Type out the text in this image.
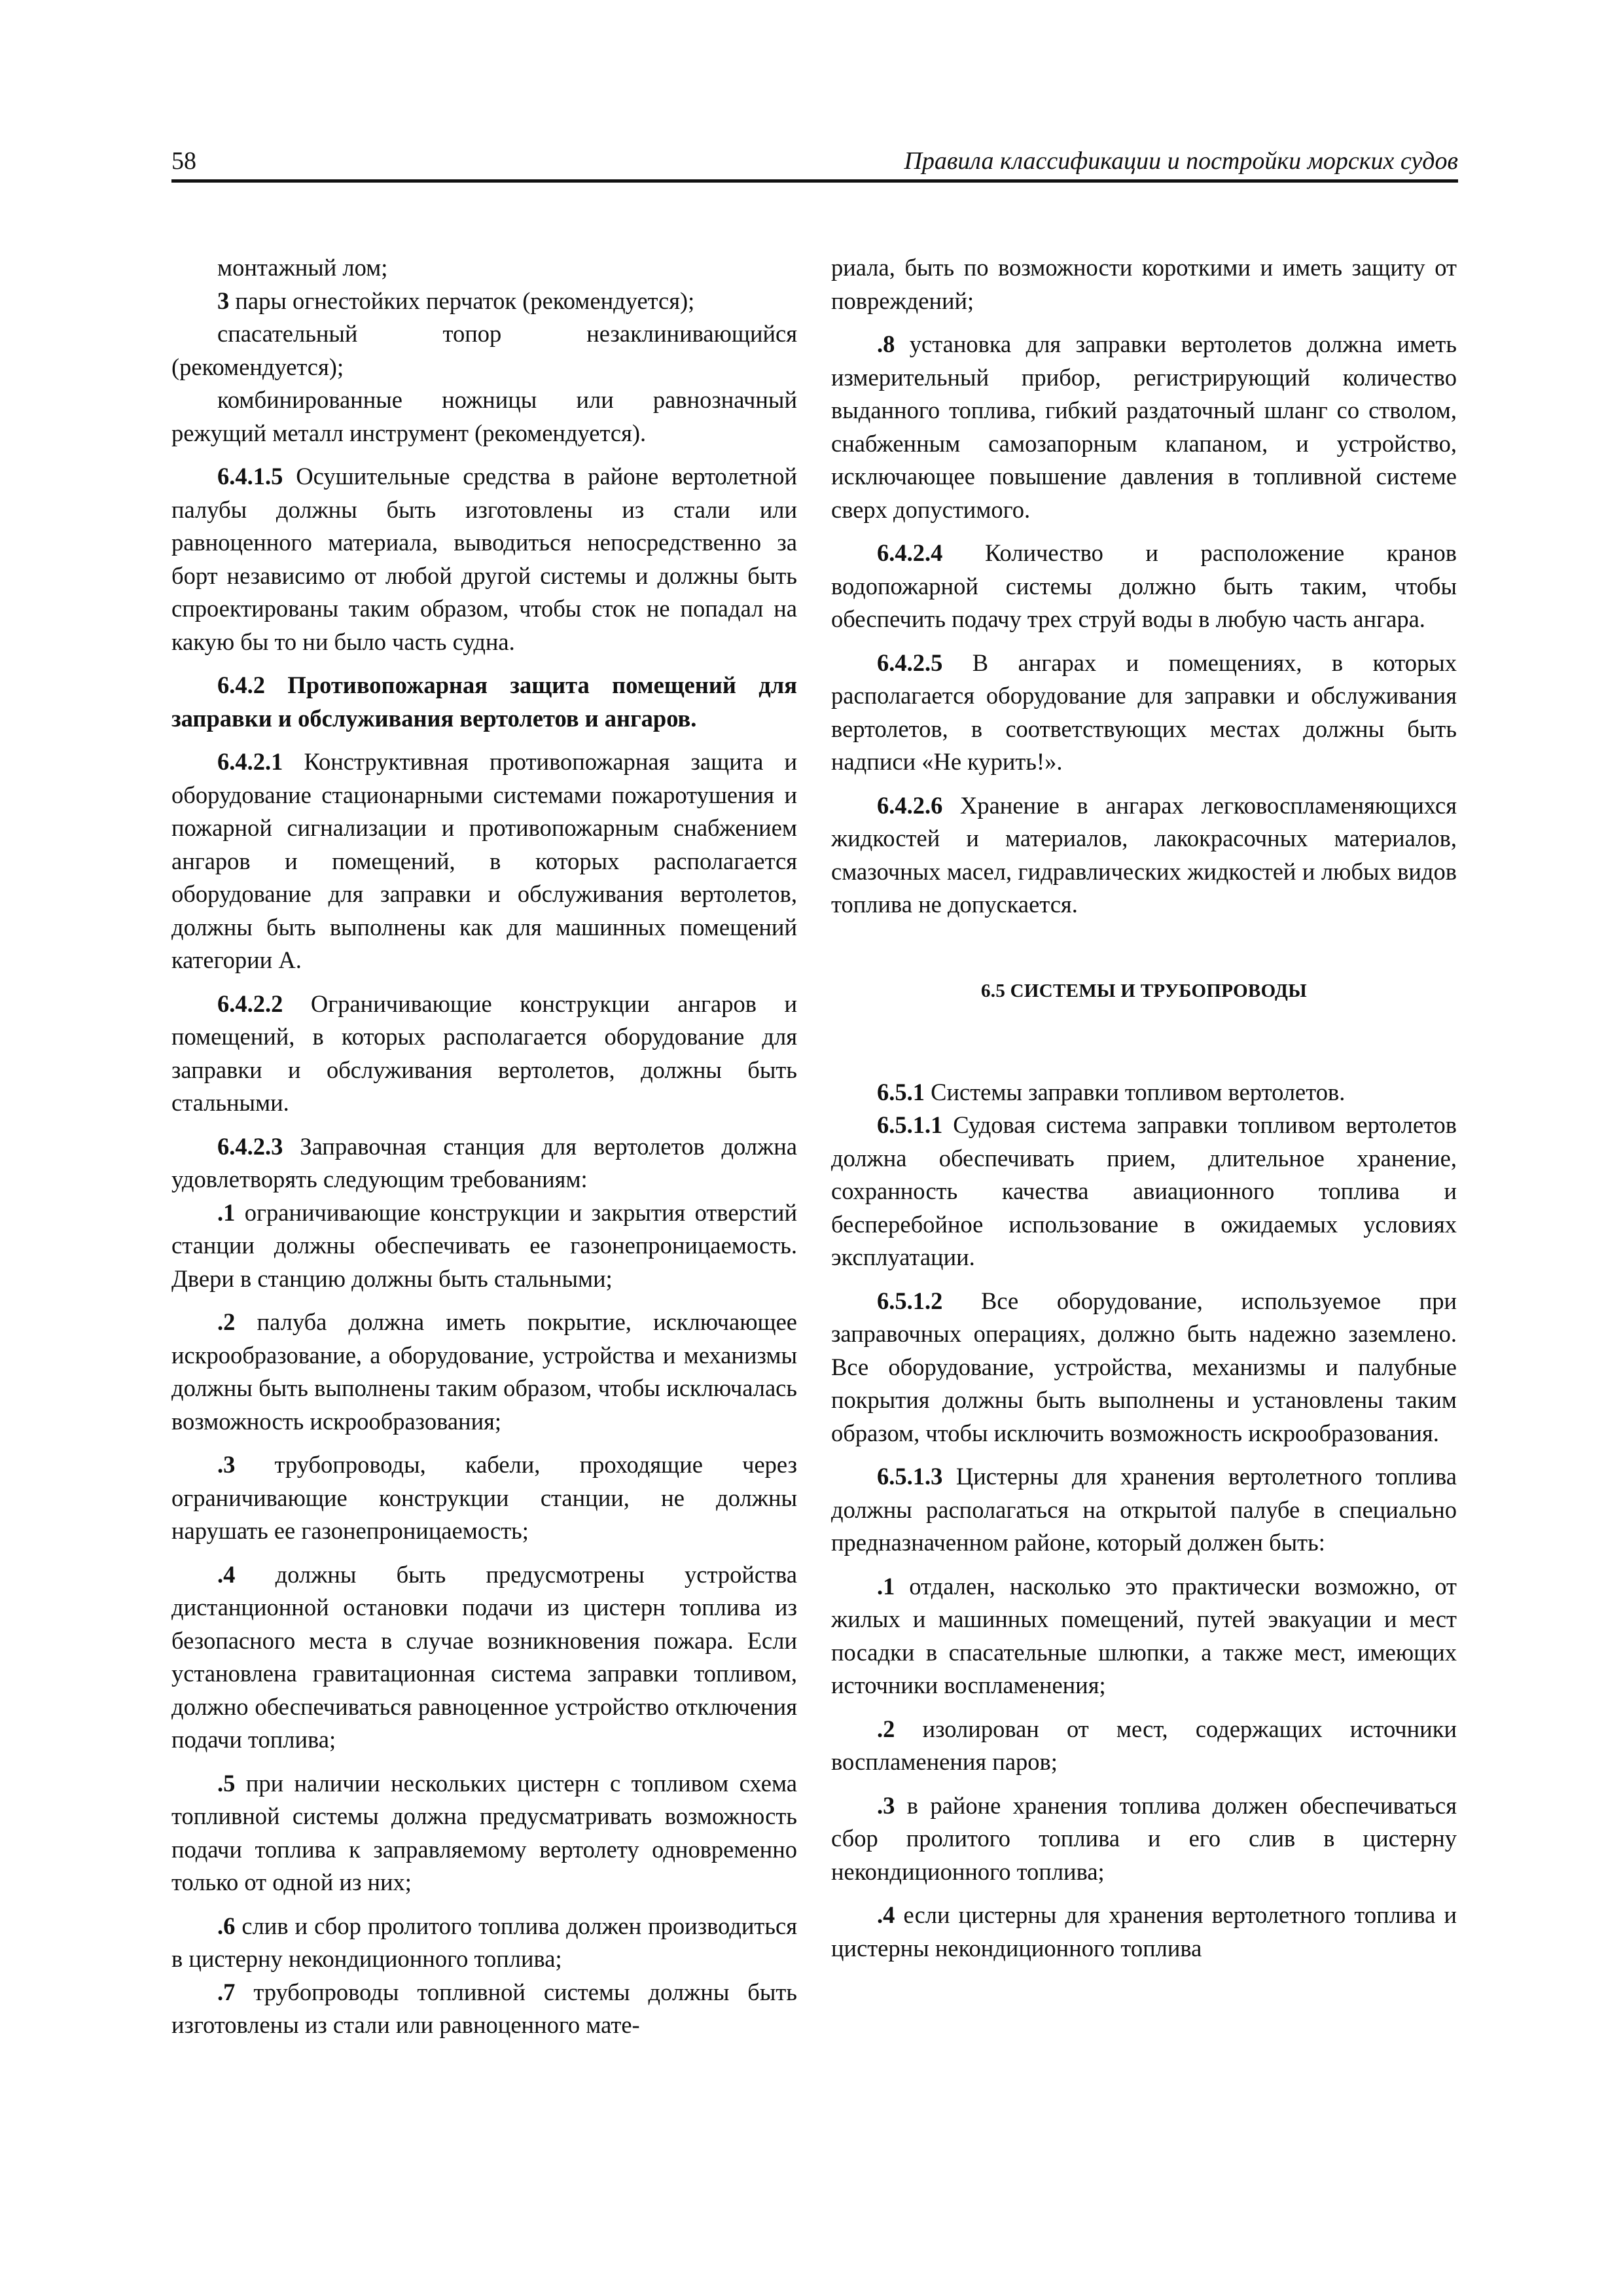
58	Правила классификации и постройки морских судов

монтажный лом;

3 пары огнестойких перчаток (рекомендуется);

спасательный топор незаклинивающийся (рекомендуется);

комбинированные ножницы или равнозначный режущий металл инструмент (рекомендуется).

6.4.1.5 Осушительные средства в районе вертолетной палубы должны быть изготовлены из стали или равноценного материала, выводиться непосредственно за борт независимо от любой другой системы и должны быть спроектированы таким образом, чтобы сток не попадал на какую бы то ни было часть судна.

6.4.2 Противопожарная защита помещений для заправки и обслуживания вертолетов и ангаров.

6.4.2.1 Конструктивная противопожарная защита и оборудование стационарными системами пожаротушения и пожарной сигнализации и противопожарным снабжением ангаров и помещений, в которых располагается оборудование для заправки и обслуживания вертолетов, должны быть выполнены как для машинных помещений категории А.

6.4.2.2 Ограничивающие конструкции ангаров и помещений, в которых располагается оборудование для заправки и обслуживания вертолетов, должны быть стальными.

6.4.2.3 Заправочная станция для вертолетов должна удовлетворять следующим требованиям:

.1 ограничивающие конструкции и закрытия отверстий станции должны обеспечивать ее газонепроницаемость. Двери в станцию должны быть стальными;

.2 палуба должна иметь покрытие, исключающее искрообразование, а оборудование, устройства и механизмы должны быть выполнены таким образом, чтобы исключалась возможность искрообразования;

.3 трубопроводы, кабели, проходящие через ограничивающие конструкции станции, не должны нарушать ее газонепроницаемость;

.4 должны быть предусмотрены устройства дистанционной остановки подачи из цистерн топлива из безопасного места в случае возникновения пожара. Если установлена гравитационная система заправки топливом, должно обеспечиваться равноценное устройство отключения подачи топлива;

.5 при наличии нескольких цистерн с топливом схема топливной системы должна предусматривать возможность подачи топлива к заправляемому вертолету одновременно только от одной из них;

.6 слив и сбор пролитого топлива должен производиться в цистерну некондиционного топлива;

.7 трубопроводы топливной системы должны быть изготовлены из стали или равноценного мате-

риала, быть по возможности короткими и иметь защиту от повреждений;

.8 установка для заправки вертолетов должна иметь измерительный прибор, регистрирующий количество выданного топлива, гибкий раздаточный шланг со стволом, снабженным самозапорным клапаном, и устройство, исключающее повышение давления в топливной системе сверх допустимого.

6.4.2.4 Количество и расположение кранов водопожарной системы должно быть таким, чтобы обеспечить подачу трех струй воды в любую часть ангара.

6.4.2.5 В ангарах и помещениях, в которых располагается оборудование для заправки и обслуживания вертолетов, в соответствующих местах должны быть надписи «Не курить!».

6.4.2.6 Хранение в ангарах легковоспламеняющихся жидкостей и материалов, лакокрасочных материалов, смазочных масел, гидравлических жидкостей и любых видов топлива не допускается.

6.5 СИСТЕМЫ И ТРУБОПРОВОДЫ

6.5.1 Системы заправки топливом вертолетов.

6.5.1.1 Судовая система заправки топливом вертолетов должна обеспечивать прием, длительное хранение, сохранность качества авиационного топлива и бесперебойное использование в ожидаемых условиях эксплуатации.

6.5.1.2 Все оборудование, используемое при заправочных операциях, должно быть надежно заземлено. Все оборудование, устройства, механизмы и палубные покрытия должны быть выполнены и установлены таким образом, чтобы исключить возможность искрообразования.

6.5.1.3 Цистерны для хранения вертолетного топлива должны располагаться на открытой палубе в специально предназначенном районе, который должен быть:

.1 отдален, насколько это практически возможно, от жилых и машинных помещений, путей эвакуации и мест посадки в спасательные шлюпки, а также мест, имеющих источники воспламенения;

.2 изолирован от мест, содержащих источники воспламенения паров;

.3 в районе хранения топлива должен обеспечиваться сбор пролитого топлива и его слив в цистерну некондиционного топлива;

.4 если цистерны для хранения вертолетного топлива и цистерны некондиционного топлива
